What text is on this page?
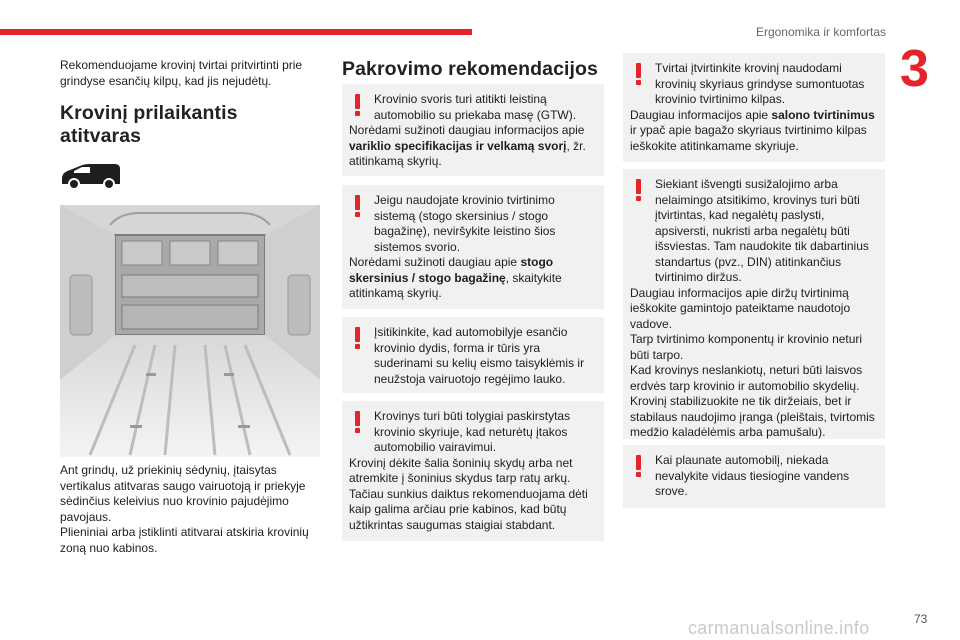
Ergonomika ir komfortas
3

Rekomenduojame krovinį tvirtai pritvirtinti prie grindyse esančių kilpų, kad jis nejudėtų.

Krovinį prilaikantis atitvaras

Ant grindų, už priekinių sėdynių, įtaisytas vertikalus atitvaras saugo vairuotoją ir priekyje sėdinčius keleivius nuo krovinio pajudėjimo pavojaus.

Plieniniai arba įstiklinti atitvarai atskiria krovinių zoną nuo kabinos.

Pakrovimo rekomendacijos

Krovinio svoris turi atitikti leistiną automobilio su priekaba masę (GTW).

Norėdami sužinoti daugiau informacijos apie variklio specifikacijas ir velkamą svorį, žr. atitinkamą skyrių.

Jeigu naudojate krovinio tvirtinimo sistemą (stogo skersinius / stogo bagažinę), neviršykite leistino šios sistemos svorio.

Norėdami sužinoti daugiau apie stogo skersinius / stogo bagažinę, skaitykite atitinkamą skyrių.

Įsitikinkite, kad automobilyje esančio krovinio dydis, forma ir tūris yra suderinami su kelių eismo taisyklėmis ir neužstoja vairuotojo regėjimo lauko.

Krovinys turi būti tolygiai paskirstytas krovinio skyriuje, kad neturėtų įtakos automobilio vairavimui.

Krovinį dėkite šalia šoninių skydų arba net atremkite į šoninius skydus tarp ratų arkų.

Tačiau sunkius daiktus rekomenduojama dėti kaip galima arčiau prie kabinos, kad būtų užtikrintas saugumas staigiai stabdant.

Tvirtai įtvirtinkite krovinį naudodami krovinių skyriaus grindyse sumontuotas krovinio tvirtinimo kilpas.

Daugiau informacijos apie salono tvirtinimus ir ypač apie bagažo skyriaus tvirtinimo kilpas ieškokite atitinkamame skyriuje.

Siekiant išvengti susižalojimo arba nelaimingo atsitikimo, krovinys turi būti įtvirtintas, kad negalėtų paslysti, apsiversti, nukristi arba negalėtų būti išsviestas. Tam naudokite tik dabartinius standartus (pvz., DIN) atitinkančius tvirtinimo diržus.

Daugiau informacijos apie diržų tvirtinimą ieškokite gamintojo pateiktame naudotojo vadove.

Tarp tvirtinimo komponentų ir krovinio neturi būti tarpo.

Kad krovinys neslankiotų, neturi būti laisvos erdvės tarp krovinio ir automobilio skydelių.

Krovinį stabilizuokite ne tik diržeiais, bet ir stabilaus naudojimo įranga (pleištais, tvirtomis medžio kaladėlėmis arba pamušalu).

Kai plaunate automobilį, niekada nevalykite vidaus tiesiogine vandens srove.

carmanualsonline.info	73
